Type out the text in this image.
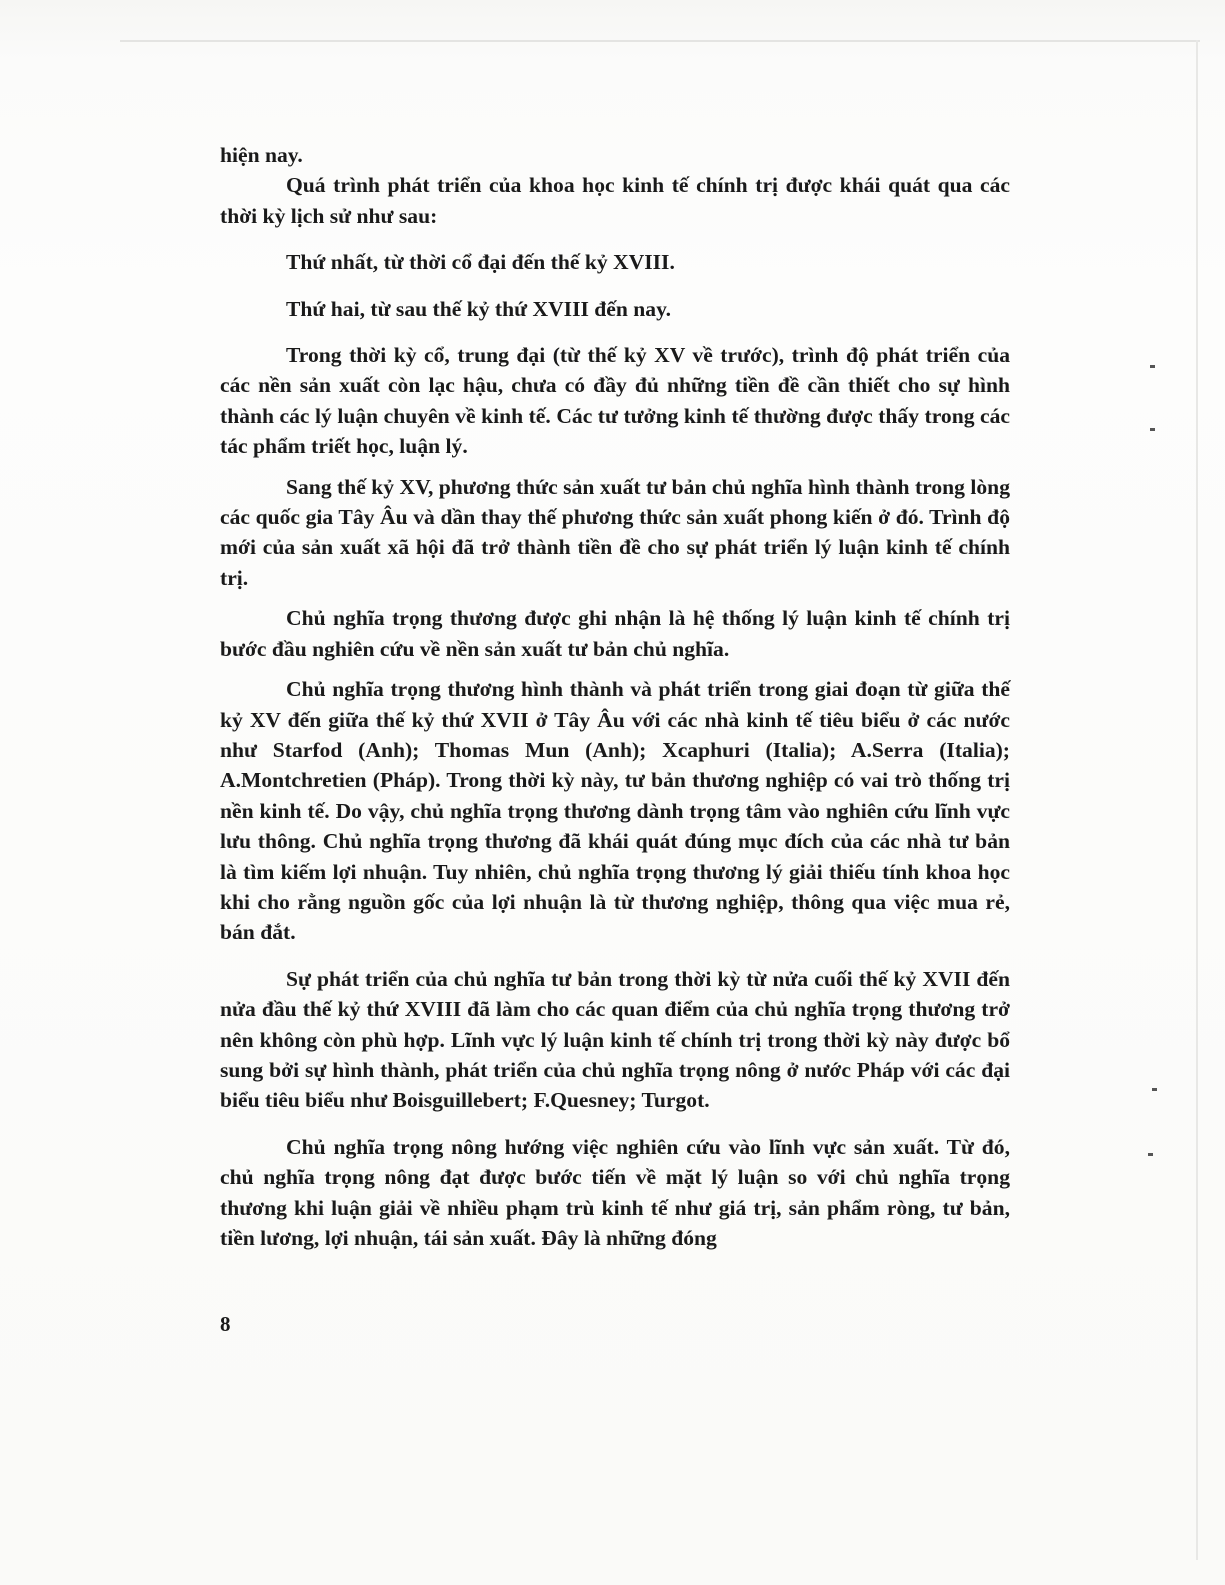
hiện nay.

Quá trình phát triển của khoa học kinh tế chính trị được khái quát qua các thời kỳ lịch sử như sau:

Thứ nhất, từ thời cổ đại đến thế kỷ XVIII.

Thứ hai, từ sau thế kỷ thứ XVIII đến nay.

Trong thời kỳ cổ, trung đại (từ thế kỷ XV về trước), trình độ phát triển của các nền sản xuất còn lạc hậu, chưa có đầy đủ những tiền đề cần thiết cho sự hình thành các lý luận chuyên về kinh tế. Các tư tưởng kinh tế thường được thấy trong các tác phẩm triết học, luận lý.

Sang thế kỷ XV, phương thức sản xuất tư bản chủ nghĩa hình thành trong lòng các quốc gia Tây Âu và dần thay thế phương thức sản xuất phong kiến ở đó. Trình độ mới của sản xuất xã hội đã trở thành tiền đề cho sự phát triển lý luận kinh tế chính trị.

Chủ nghĩa trọng thương được ghi nhận là hệ thống lý luận kinh tế chính trị bước đầu nghiên cứu về nền sản xuất tư bản chủ nghĩa.

Chủ nghĩa trọng thương hình thành và phát triển trong giai đoạn từ giữa thế kỷ XV đến giữa thế kỷ thứ XVII ở Tây Âu với các nhà kinh tế tiêu biểu ở các nước như Starfod (Anh); Thomas Mun (Anh); Xcaphuri (Italia); A.Serra (Italia); A.Montchretien (Pháp). Trong thời kỳ này, tư bản thương nghiệp có vai trò thống trị nền kinh tế. Do vậy, chủ nghĩa trọng thương dành trọng tâm vào nghiên cứu lĩnh vực lưu thông. Chủ nghĩa trọng thương đã khái quát đúng mục đích của các nhà tư bản là tìm kiếm lợi nhuận. Tuy nhiên, chủ nghĩa trọng thương lý giải thiếu tính khoa học khi cho rằng nguồn gốc của lợi nhuận là từ thương nghiệp, thông qua việc mua rẻ, bán đắt.

Sự phát triển của chủ nghĩa tư bản trong thời kỳ từ nửa cuối thế kỷ XVII đến nửa đầu thế kỷ thứ XVIII đã làm cho các quan điểm của chủ nghĩa trọng thương trở nên không còn phù hợp. Lĩnh vực lý luận kinh tế chính trị trong thời kỳ này được bổ sung bởi sự hình thành, phát triển của chủ nghĩa trọng nông ở nước Pháp với các đại biểu tiêu biểu như Boisguillebert; F.Quesney; Turgot.

Chủ nghĩa trọng nông hướng việc nghiên cứu vào lĩnh vực sản xuất. Từ đó, chủ nghĩa trọng nông đạt được bước tiến về mặt lý luận so với chủ nghĩa trọng thương khi luận giải về nhiều phạm trù kinh tế như giá trị, sản phẩm ròng, tư bản, tiền lương, lợi nhuận, tái sản xuất. Đây là những đóng

8
